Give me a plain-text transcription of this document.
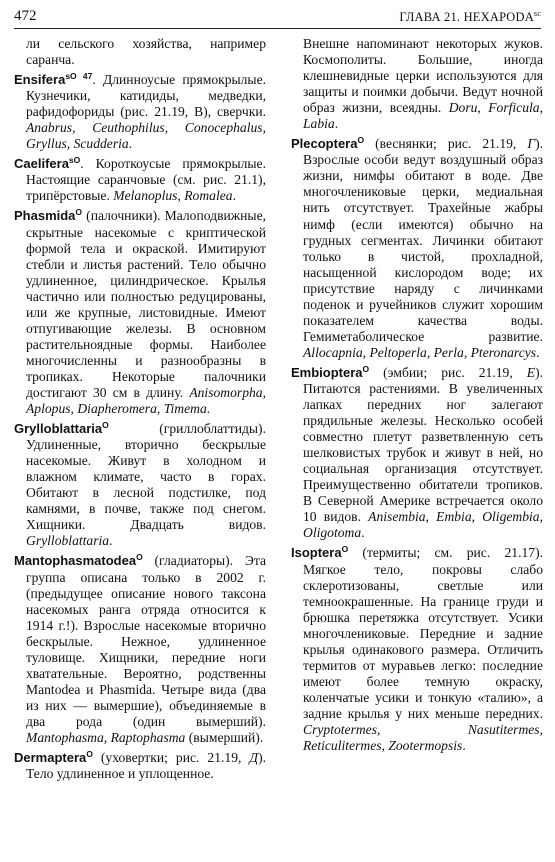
472	ГЛАВА 21. $HEXAPODA^{sc}$

ли сельского хозяйства, например саранча.

Ensifera$^{sO 47}$. Длинноусые прямокрылые. Кузнечики, катидиды, медведки, рафидофориды (рис. 21.19, В), сверчки. Anabrus, Ceuthophilus, Conocephalus, Gryllus, Scudderia.

Caelifera$^{sO}$. Короткоусые прямокрылые. Настоящие саранчовые (см. рис. 21.1), трипёрстовые. Melanoplus, Romalea.

Phasmida$^O$ (палочники). Малоподвижные, скрытные насекомые с криптической формой тела и окраской. Имитируют стебли и листья растений. Тело обычно удлиненное, цилиндрическое. Крылья частично или полностью редуцированы, или же крупные, листовидные. Имеют отпугивающие железы. В основном растительноядные формы. Наиболее многочисленны и разнообразны в тропиках. Некоторые палочники достигают 30 см в длину. Anisomorpha, Aplopus, Diapheromera, Timema.

Grylloblattaria$^O$ (гриллоблаттиды). Удлиненные, вторично бескрылые насекомые. Живут в холодном и влажном климате, часто в горах. Обитают в лесной подстилке, под камнями, в почве, также под снегом. Хищники. Двадцать видов. Grylloblattaria.

Mantophasmatodea$^O$ (гладиаторы). Эта группа описана только в 2002 г. (предыдущее описание нового таксона насекомых ранга отряда относится к 1914 г.!). Взрослые насекомые вторично бескрылые. Нежное, удлиненное туловище. Хищники, передние ноги хватательные. Вероятно, родственны Mantodea и Phasmida. Четыре вида (два из них — вымершие), объединяемые в два рода (один вымерший). Mantophasma, Raptophasma (вымерший).

Dermaptera$^O$ (уховертки; рис. 21.19, Д). Тело удлиненное и уплощенное.

Внешне напоминают некоторых жуков. Космополиты. Большие, иногда клешневидные церки используются для защиты и поимки добычи. Ведут ночной образ жизни, всеядны. Doru, Forficula, Labia.

Plecoptera$^O$ (веснянки; рис. 21.19, Г). Взрослые особи ведут воздушный образ жизни, нимфы обитают в воде. Две многочлениковые церки, медиальная нить отсутствует. Трахейные жабры нимф (если имеются) обычно на грудных сегментах. Личинки обитают только в чистой, прохладной, насыщенной кислородом воде; их присутствие наряду с личинками поденок и ручейников служит хорошим показателем качества воды. Гемиметаболическое развитие. Allocapnia, Peltoperla, Perla, Pteronarcys.

Embioptera$^O$ (эмбии; рис. 21.19, Е). Питаются растениями. В увеличенных лапках передних ног залегают прядильные железы. Несколько особей совместно плетут разветвленную сеть шелковистых трубок и живут в ней, но социальная организация отсутствует. Преимущественно обитатели тропиков. В Северной Америке встречается около 10 видов. Anisembia, Embia, Oligembia, Oligotoma.

Isoptera$^O$ (термиты; см. рис. 21.17). Мягкое тело, покровы слабо склеротизованы, светлые или темноокрашенные. На границе груди и брюшка перетяжка отсутствует. Усики многочлениковые. Передние и задние крылья одинакового размера. Отличить термитов от муравьев легко: последние имеют более темную окраску, коленчатые усики и тонкую «талию», а задние крылья у них меньше передних. Cryptotermes, Nasutitermes, Reticulitermes, Zootermopsis.
